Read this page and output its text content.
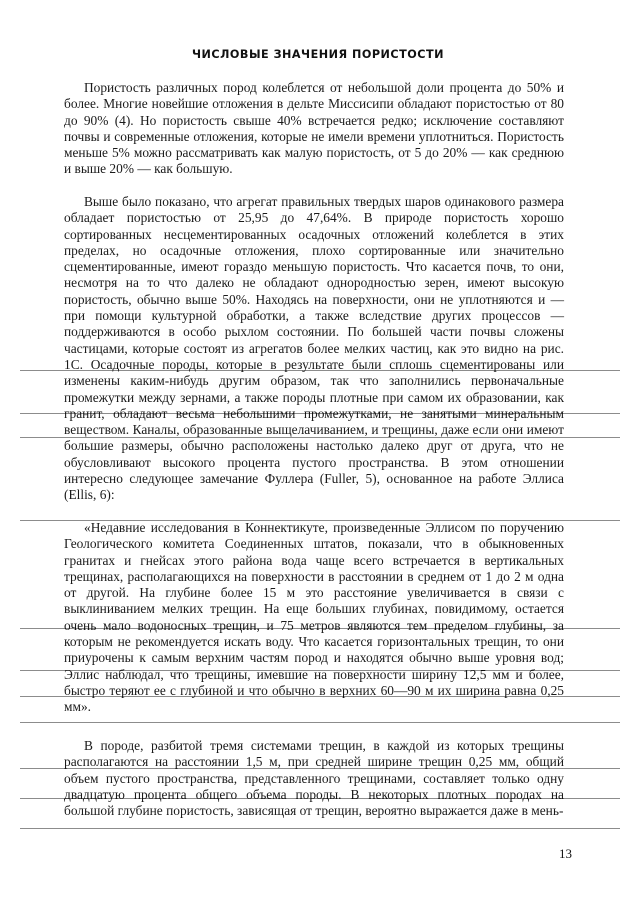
ЧИСЛОВЫЕ ЗНАЧЕНИЯ ПОРИСТОСТИ

Пористость различных пород колеблется от небольшой доли процента до 50% и более. Многие новейшие отложения в дельте Миссисипи обладают пористостью от 80 до 90% (4). Но пористость свыше 40% встречается редко; исключение составляют почвы и современные отложения, которые не имели времени уплотниться. Пористость меньше 5% можно рассматривать как малую пористость, от 5 до 20% — как среднюю и выше 20% — как большую.

Выше было показано, что агрегат правильных твердых шаров одинакового размера обладает пористостью от 25,95 до 47,64%. В природе пористость хорошо сортированных несцементированных осадочных отложений колеблется в этих пределах, но осадочные отложения, плохо сортированные или значительно сцементированные, имеют гораздо меньшую пористость. Что касается почв, то они, несмотря на то что далеко не обладают однородностью зерен, имеют высокую пористость, обычно выше 50%. Находясь на поверхности, они не уплотняются и — при помощи культурной обработки, а также вследствие других процессов — поддерживаются в особо рыхлом состоянии. По большей части почвы сложены частицами, которые состоят из агрегатов более мелких частиц, как это видно на рис. 1С. Осадочные породы, которые в результате были сплошь сцементированы или изменены каким-нибудь другим образом, так что заполнились первоначальные промежутки между зернами, а также породы плотные при самом их образовании, как гранит, обладают весьма небольшими промежутками, не занятыми минеральным веществом. Каналы, образованные выщелачиванием, и трещины, даже если они имеют большие размеры, обычно расположены настолько далеко друг от друга, что не обусловливают высокого процента пустого пространства. В этом отношении интересно следующее замечание Фуллера (Fuller, 5), основанное на работе Эллиса (Ellis, 6):

«Недавние исследования в Коннектикуте, произведенные Эллисом по поручению Геологического комитета Соединенных штатов, показали, что в обыкновенных гранитах и гнейсах этого района вода чаще всего встречается в вертикальных трещинах, располагающихся на поверхности в расстоянии в среднем от 1 до 2 м одна от другой. На глубине более 15 м это расстояние увеличивается в связи с выклиниванием мелких трещин. На еще больших глубинах, повидимому, остается очень мало водоносных трещин, и 75 метров являются тем пределом глубины, за которым не рекомендуется искать воду. Что касается горизонтальных трещин, то они приурочены к самым верхним частям пород и находятся обычно выше уровня вод; Эллис наблюдал, что трещины, имевшие на поверхности ширину 12,5 мм и более, быстро теряют ее с глубиной и что обычно в верхних 60—90 м их ширина равна 0,25 мм».

В породе, разбитой тремя системами трещин, в каждой из которых трещины располагаются на расстоянии 1,5 м, при средней ширине трещин 0,25 мм, общий объем пустого пространства, представленного трещинами, составляет только одну двадцатую процента общего объема породы. В некоторых плотных породах на большой глубине пористость, зависящая от трещин, вероятно выражается даже в мень-

13
